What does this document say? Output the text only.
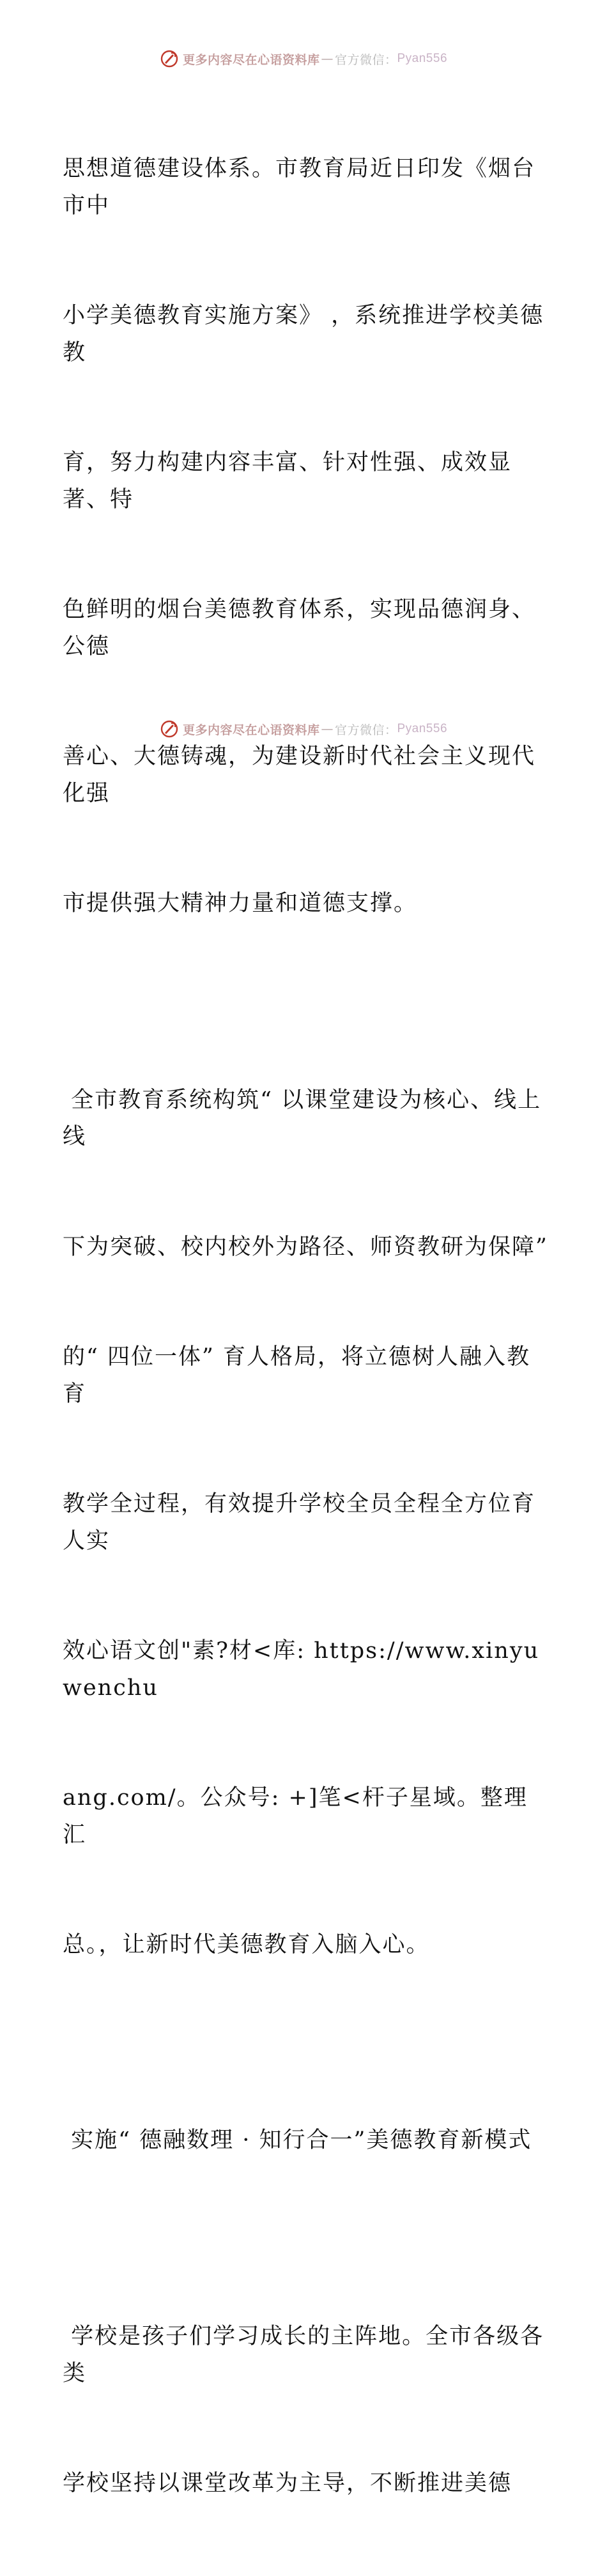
更多内容尽在心语资料库 — 官方微信： Pyan556

思想道德建设体系。市教育局近日印发《烟台市中

小学美德教育实施方案》 ，系统推进学校美德教

育，努力构建内容丰富、针对性强、成效显著、特

色鲜明的烟台美德教育体系，实现品德润身、公德

善心、大德铸魂，为建设新时代社会主义现代化强

市提供强大精神力量和道德支撑。

全市教育系统构筑“ 以课堂建设为核心、线上线

下为突破、校内校外为路径、师资教研为保障”

的“ 四位一体” 育人格局，将立德树人融入教育

教学全过程，有效提升学校全员全程全方位育人实

效心语文创"素?材<库: https://www.xinyuwenchu

ang.com/。公众号: +]笔<杆子星域。整理汇

总。，让新时代美德教育入脑入心。

实施“ 德融数理 · 知行合一”美德教育新模式

学校是孩子们学习成长的主阵地。全市各级各类

学校坚持以课堂改革为主导，不断推进美德

更多内容尽在心语资料库 — 官方微信： Pyan556
